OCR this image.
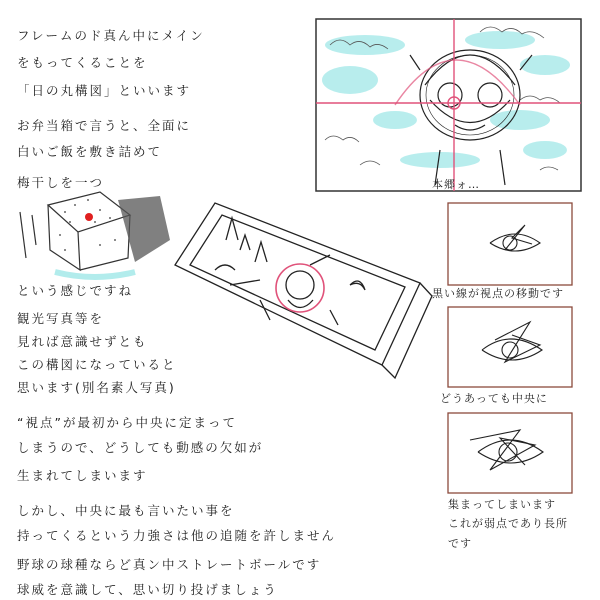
フレームのド真ん中にメイン
をもってくることを
「日の丸構図」といいます
お弁当箱で言うと、全面に
白いご飯を敷き詰めて
梅干しを一つ
という感じですね
観光写真等を
見れば意識せずとも
この構図になっていると
思います(別名素人写真)
“視点”が最初から中央に定まって
しまうので、どうしても動感の欠如が
生まれてしまいます
しかし、中央に最も言いたい事を
持ってくるという力強さは他の追随を許しません
野球の球種ならど真ン中ストレートボールです
球威を意識して、思い切り投げましょう
本郷ォ…
黒い線が視点の移動です
どうあっても中央に
集まってしまいます
これが弱点であり長所
です
